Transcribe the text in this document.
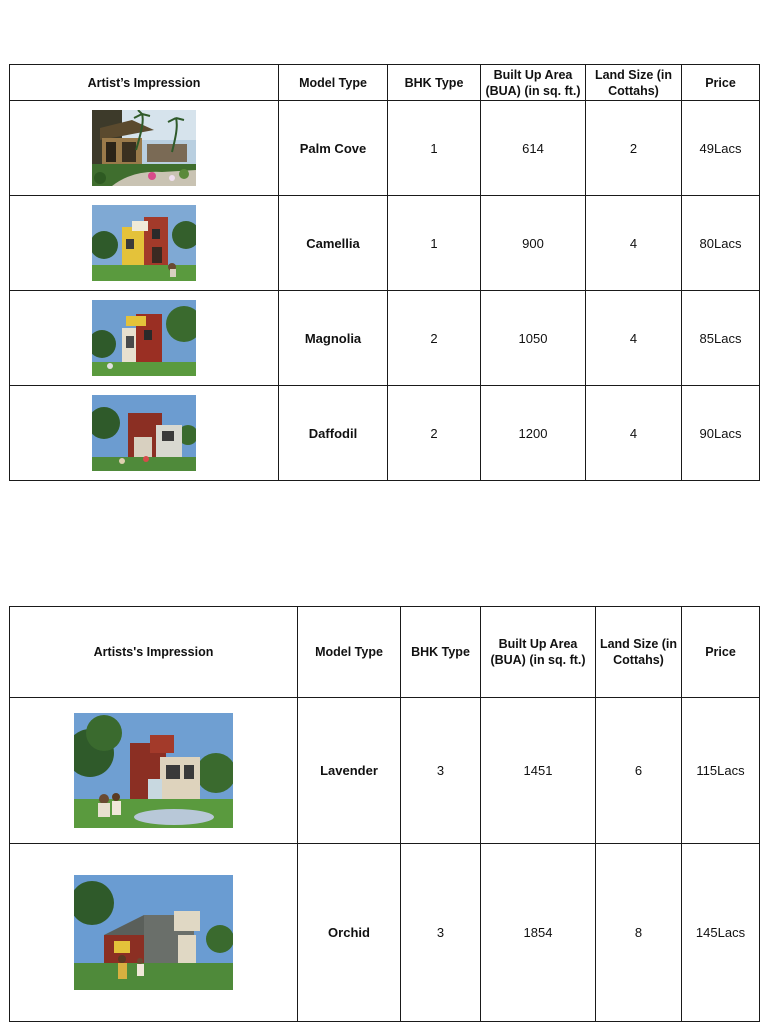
Artist’s Impression	Model Type	BHK Type	Built Up Area (BUA) (in sq. ft.)	Land Size (in Cottahs)	Price

	Palm Cove	1	614	2	49Lacs

	Camellia	1	900	4	80Lacs

	Magnolia	2	1050	4	85Lacs

	Daffodil	2	1200	4	90Lacs
Artists's Impression	Model Type	BHK Type	Built Up Area (BUA) (in sq. ft.)	Land Size (in Cottahs)	Price

	Lavender	3	1451	6	115Lacs

	Orchid	3	1854	8	145Lacs
